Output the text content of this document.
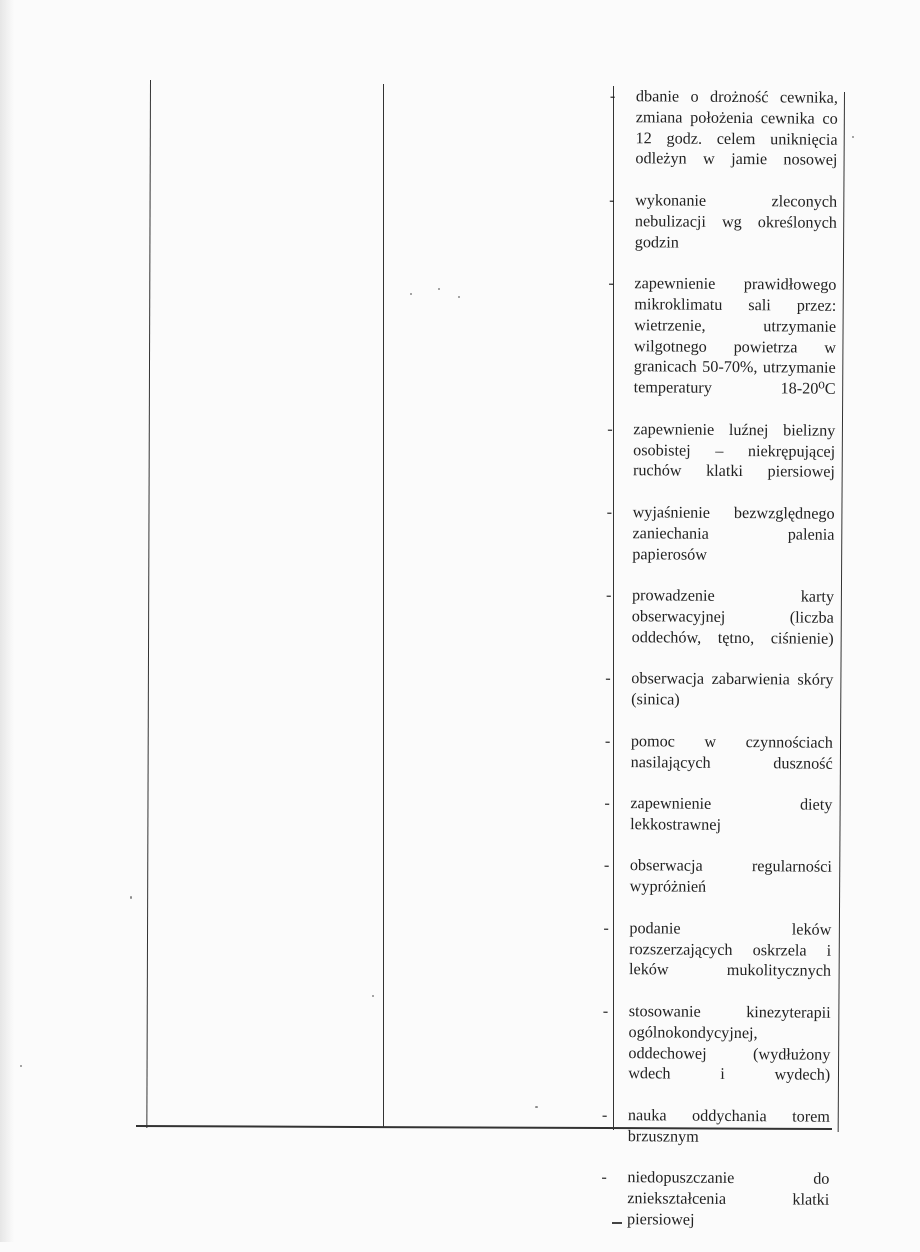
-	dbanie o drożność cewnika, zmiana położenia cewnika co 12 godz. celem uniknięcia odleżyn w jamie nosowej
-	wykonanie zleconych nebulizacji wg określonych godzin
-	zapewnienie prawidłowego mikroklimatu sali przez: wietrzenie, utrzymanie wilgotnego powietrza w granicach 50-70%, utrzymanie temperatury 18-20⁰C
-	zapewnienie luźnej bielizny osobistej – niekrępującej ruchów klatki piersiowej
-	wyjaśnienie bezwzględnego zaniechania palenia papierosów
-	prowadzenie karty obserwacyjnej (liczba oddechów, tętno, ciśnienie)
-	obserwacja zabarwienia skóry (sinica)
-	pomoc w czynnościach nasilających duszność
-	zapewnienie diety lekkostrawnej
-	obserwacja regularności wypróżnień
-	podanie leków rozszerzających oskrzela i leków mukolitycznych
-	stosowanie kinezyterapii ogólnokondycyjnej, oddechowej (wydłużony wdech i wydech)
-	nauka oddychania torem brzusznym
-	niedopuszczanie do zniekształcenia klatki piersiowej
